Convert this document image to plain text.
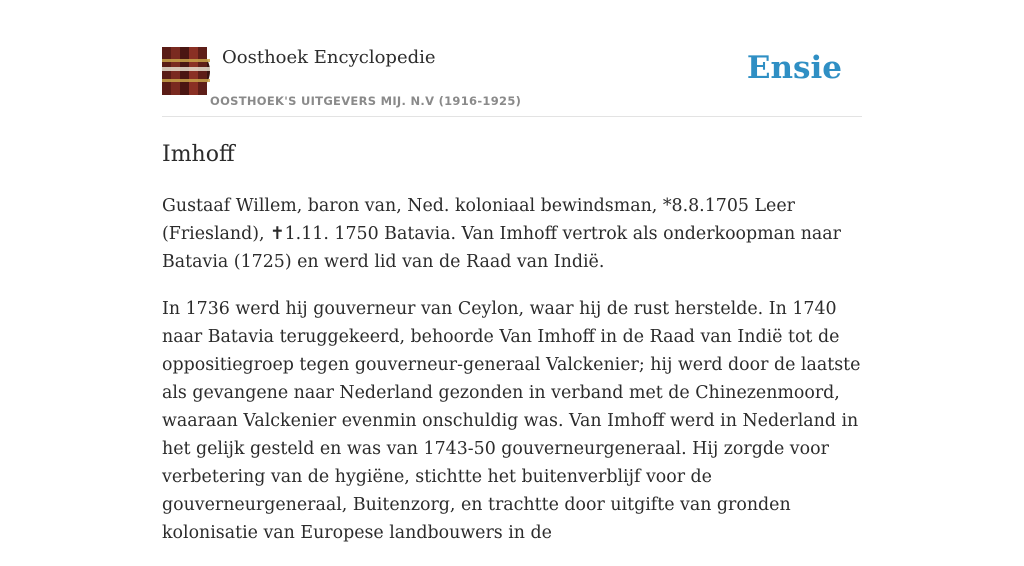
Oosthoek Encyclopedie
OOSTHOEK'S UITGEVERS MIJ. N.V (1916-1925)
Ensie
Imhoff

Gustaaf Willem, baron van, Ned. koloniaal bewindsman, *8.8.1705 Leer (Friesland), ✝1.11. 1750 Batavia. Van Imhoff vertrok als onderkoopman naar Batavia (1725) en werd lid van de Raad van Indië.

In 1736 werd hij gouverneur van Ceylon, waar hij de rust herstelde. In 1740 naar Batavia teruggekeerd, behoorde Van Imhoff in de Raad van Indië tot de oppositiegroep tegen gouverneur-generaal Valckenier; hij werd door de laatste als gevangene naar Nederland gezonden in verband met de Chinezenmoord, waaraan Valckenier evenmin onschuldig was. Van Imhoff werd in Nederland in het gelijk gesteld en was van 1743-50 gouverneurgeneraal. Hij zorgde voor verbetering van de hygiëne, stichtte het buitenverblijf voor de gouverneurgeneraal, Buitenzorg, en trachtte door uitgifte van gronden kolonisatie van Europese landbouwers in de
